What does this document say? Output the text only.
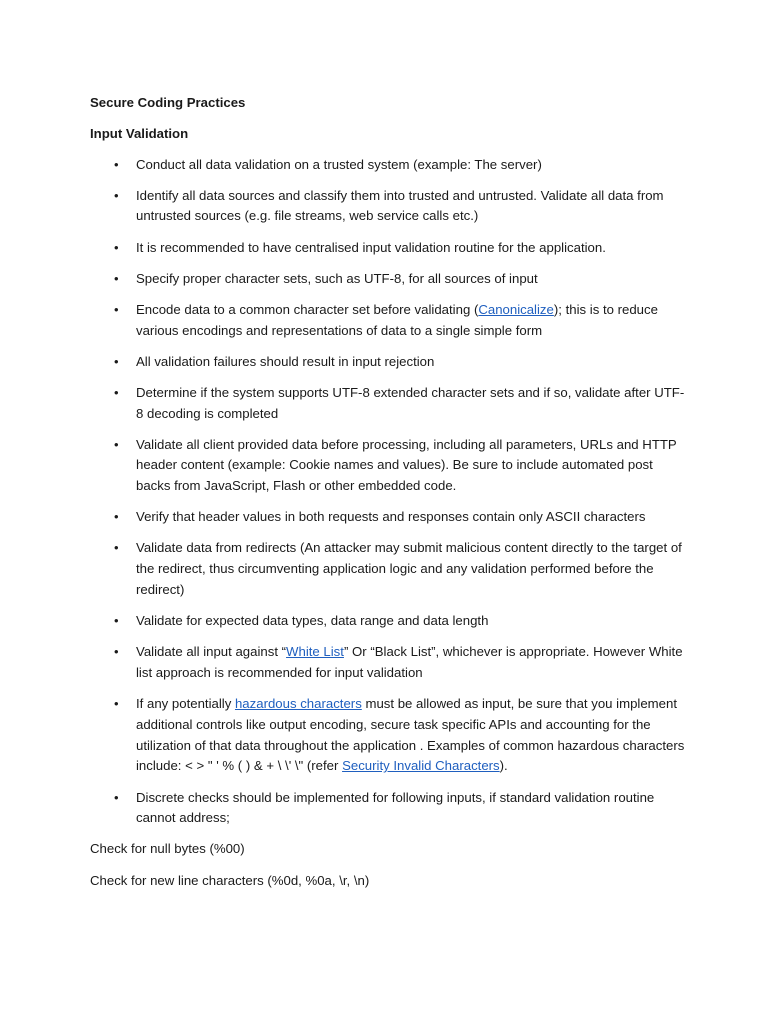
Secure Coding Practices
Input Validation
• Conduct all data validation on a trusted system (example: The server)
• Identify all data sources and classify them into trusted and untrusted. Validate all data from untrusted sources (e.g. file streams, web service calls etc.)
• It is recommended to have centralised input validation routine for the application.
• Specify proper character sets, such as UTF-8, for all sources of input
• Encode data to a common character set before validating (Canonicalize); this is to reduce various encodings and representations of data to a single simple form
• All validation failures should result in input rejection
• Determine if the system supports UTF-8 extended character sets and if so, validate after UTF-8 decoding is completed
• Validate all client provided data before processing, including all parameters, URLs and HTTP header content (example: Cookie names and values). Be sure to include automated post backs from JavaScript, Flash or other embedded code.
• Verify that header values in both requests and responses contain only ASCII characters
• Validate data from redirects (An attacker may submit malicious content directly to the target of the redirect, thus circumventing application logic and any validation performed before the redirect)
• Validate for expected data types, data range and data length
• Validate all input against “White List” Or “Black List”, whichever is appropriate. However White list approach is recommended for input validation
• If any potentially hazardous characters must be allowed as input, be sure that you implement additional controls like output encoding, secure task specific APIs and accounting for the utilization of that data throughout the application . Examples of common hazardous characters include: < > " ' % ( ) & + \ \' \" (refer Security Invalid Characters).
• Discrete checks should be implemented for following inputs, if standard validation routine cannot address;
Check for null bytes (%00)
Check for new line characters (%0d, %0a, \r, \n)
